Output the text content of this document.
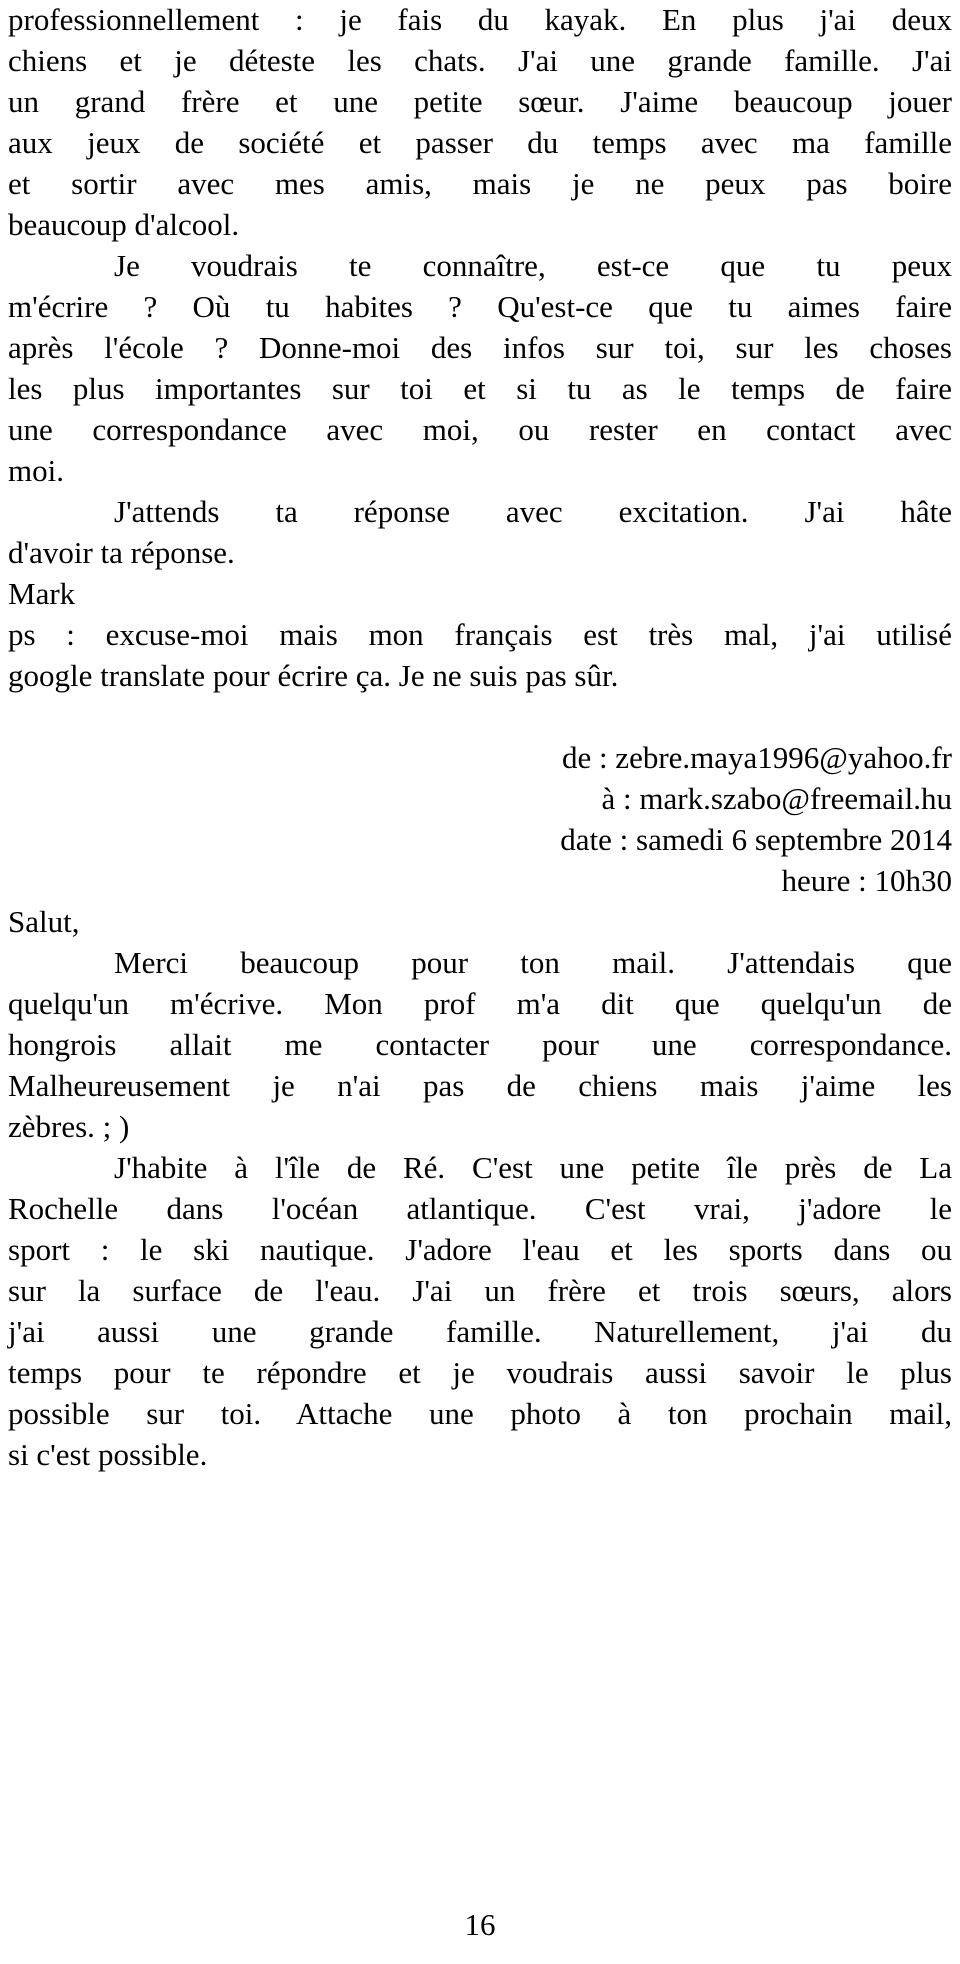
professionnellement : je fais du kayak. En plus j'ai deux
chiens et je déteste les chats. J'ai une grande famille. J'ai
un grand frère et une petite sœur. J'aime beaucoup jouer
aux jeux de société et passer du temps avec ma famille
et sortir avec mes amis, mais je ne peux pas boire
beaucoup d'alcool.
Je voudrais te connaître, est-ce que tu peux
m'écrire ? Où tu habites ? Qu'est-ce que tu aimes faire
après l'école ? Donne-moi des infos sur toi, sur les choses
les plus importantes sur toi et si tu as le temps de faire
une correspondance avec moi, ou rester en contact avec
moi.
J'attends ta réponse avec excitation. J'ai hâte
d'avoir ta réponse.
Mark
ps : excuse-moi mais mon français est très mal, j'ai utilisé
google translate pour écrire ça. Je ne suis pas sûr.
de : zebre.maya1996@yahoo.fr
à : mark.szabo@freemail.hu
date : samedi 6 septembre 2014
heure : 10h30
Salut,
Merci beaucoup pour ton mail. J'attendais que
quelqu'un m'écrive. Mon prof m'a dit que quelqu'un de
hongrois allait me contacter pour une correspondance.
Malheureusement je n'ai pas de chiens mais j'aime les
zèbres. ; )
J'habite à l'île de Ré. C'est une petite île près de La
Rochelle dans l'océan atlantique. C'est vrai, j'adore le
sport : le ski nautique. J'adore l'eau et les sports dans ou
sur la surface de l'eau. J'ai un frère et trois sœurs, alors
j'ai aussi une grande famille. Naturellement, j'ai du
temps pour te répondre et je voudrais aussi savoir le plus
possible sur toi. Attache une photo à ton prochain mail,
si c'est possible.
16
